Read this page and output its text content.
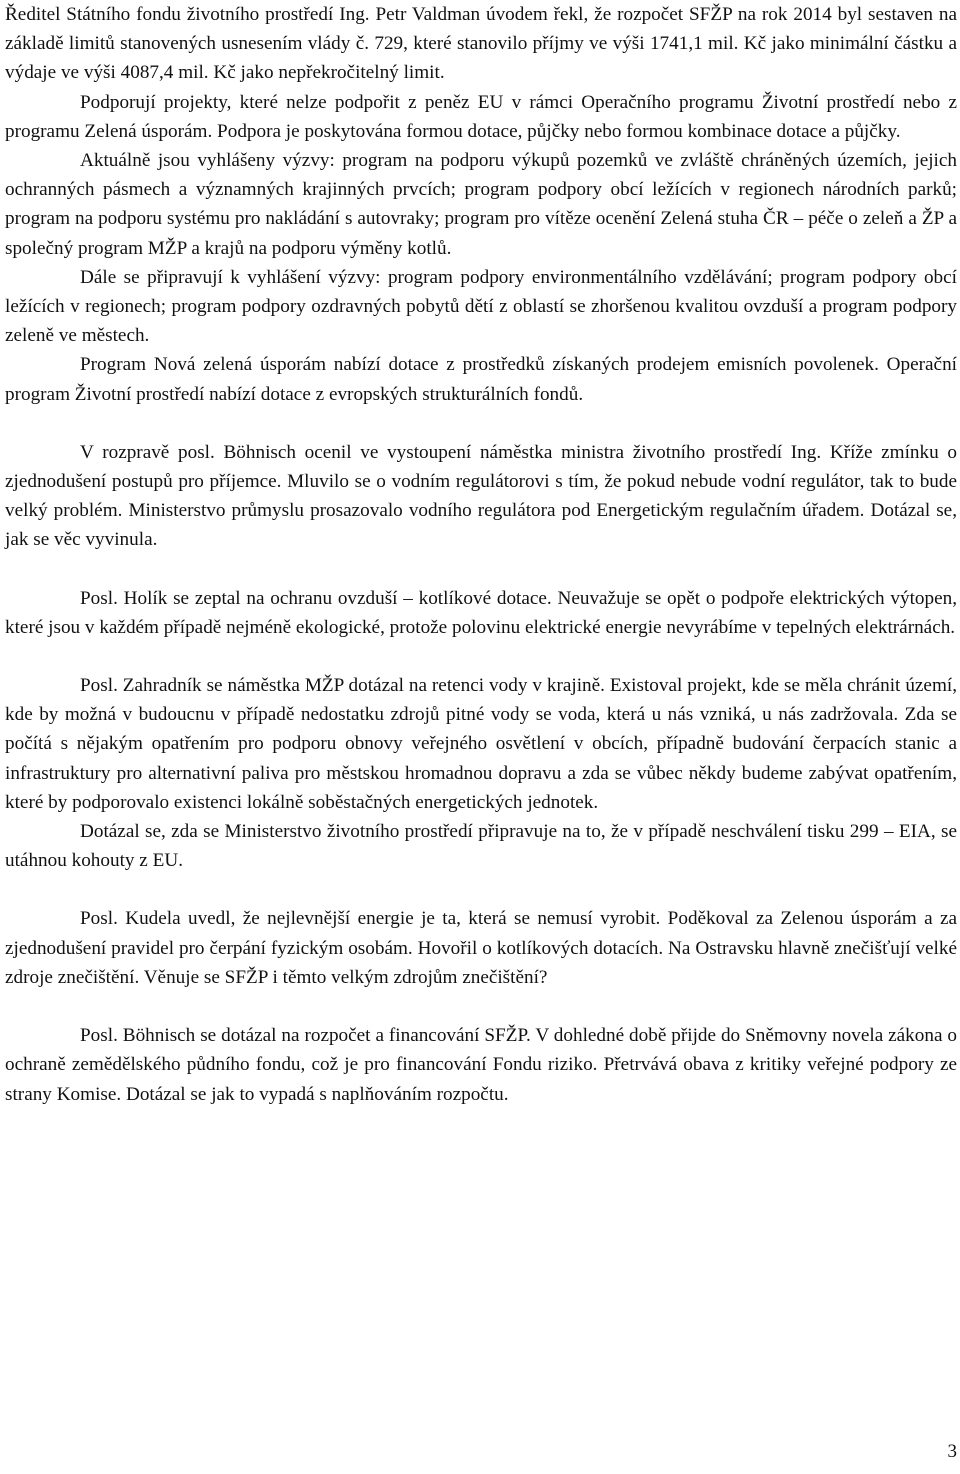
Ředitel Státního fondu životního prostředí Ing. Petr Valdman úvodem řekl, že rozpočet SFŽP na rok 2014 byl sestaven na základě limitů stanovených usnesením vlády č. 729, které stanovilo příjmy ve výši 1741,1 mil. Kč jako minimální částku a výdaje ve výši 4087,4 mil. Kč jako nepřekročitelný limit.

Podporují projekty, které nelze podpořit z peněz EU v rámci Operačního programu Životní prostředí nebo z programu Zelená úsporám. Podpora je poskytována formou dotace, půjčky nebo formou kombinace dotace a půjčky.

Aktuálně jsou vyhlášeny výzvy: program na podporu výkupů pozemků ve zvláště chráněných územích, jejich ochranných pásmech a významných krajinných prvcích; program podpory obcí ležících v regionech národních parků; program na podporu systému pro nakládání s autovraky; program pro vítěze ocenění Zelená stuha ČR – péče o zeleň a ŽP a společný program MŽP a krajů na podporu výměny kotlů.

Dále se připravují k vyhlášení výzvy: program podpory environmentálního vzdělávání; program podpory obcí ležících v regionech; program podpory ozdravných pobytů dětí z oblastí se zhoršenou kvalitou ovzduší a program podpory zeleně ve městech.

Program Nová zelená úsporám nabízí dotace z prostředků získaných prodejem emisních povolenek. Operační program Životní prostředí nabízí dotace z evropských strukturálních fondů.

V rozpravě posl. Böhnisch ocenil ve vystoupení náměstka ministra životního prostředí Ing. Kříže zmínku o zjednodušení postupů pro příjemce. Mluvilo se o vodním regulátorovi s tím, že pokud nebude vodní regulátor, tak to bude velký problém. Ministerstvo průmyslu prosazovalo vodního regulátora pod Energetickým regulačním úřadem. Dotázal se, jak se věc vyvinula.

Posl. Holík se zeptal na ochranu ovzduší – kotlíkové dotace. Neuvažuje se opět o podpoře elektrických výtopen, které jsou v každém případě nejméně ekologické, protože polovinu elektrické energie nevyrábíme v tepelných elektrárnách.

Posl. Zahradník se náměstka MŽP dotázal na retenci vody v krajině. Existoval projekt, kde se měla chránit území, kde by možná v budoucnu v případě nedostatku zdrojů pitné vody se voda, která u nás vzniká, u nás zadržovala. Zda se počítá s nějakým opatřením pro podporu obnovy veřejného osvětlení v obcích, případně budování čerpacích stanic a infrastruktury pro alternativní paliva pro městskou hromadnou dopravu a zda se vůbec někdy budeme zabývat opatřením, které by podporovalo existenci lokálně soběstačných energetických jednotek.

Dotázal se, zda se Ministerstvo životního prostředí připravuje na to, že v případě neschválení tisku 299 – EIA, se utáhnou kohouty z EU.

Posl. Kudela uvedl, že nejlevnější energie je ta, která se nemusí vyrobit. Poděkoval za Zelenou úsporám a za zjednodušení pravidel pro čerpání fyzickým osobám. Hovořil o kotlíkových dotacích. Na Ostravsku hlavně znečišťují velké zdroje znečištění. Věnuje se SFŽP i těmto velkým zdrojům znečištění?

Posl. Böhnisch se dotázal na rozpočet a financování SFŽP. V dohledné době přijde do Sněmovny novela zákona o ochraně zemědělského půdního fondu, což je pro financování Fondu riziko. Přetrvává obava z kritiky veřejné podpory ze strany Komise. Dotázal se jak to vypadá s naplňováním rozpočtu.

3
